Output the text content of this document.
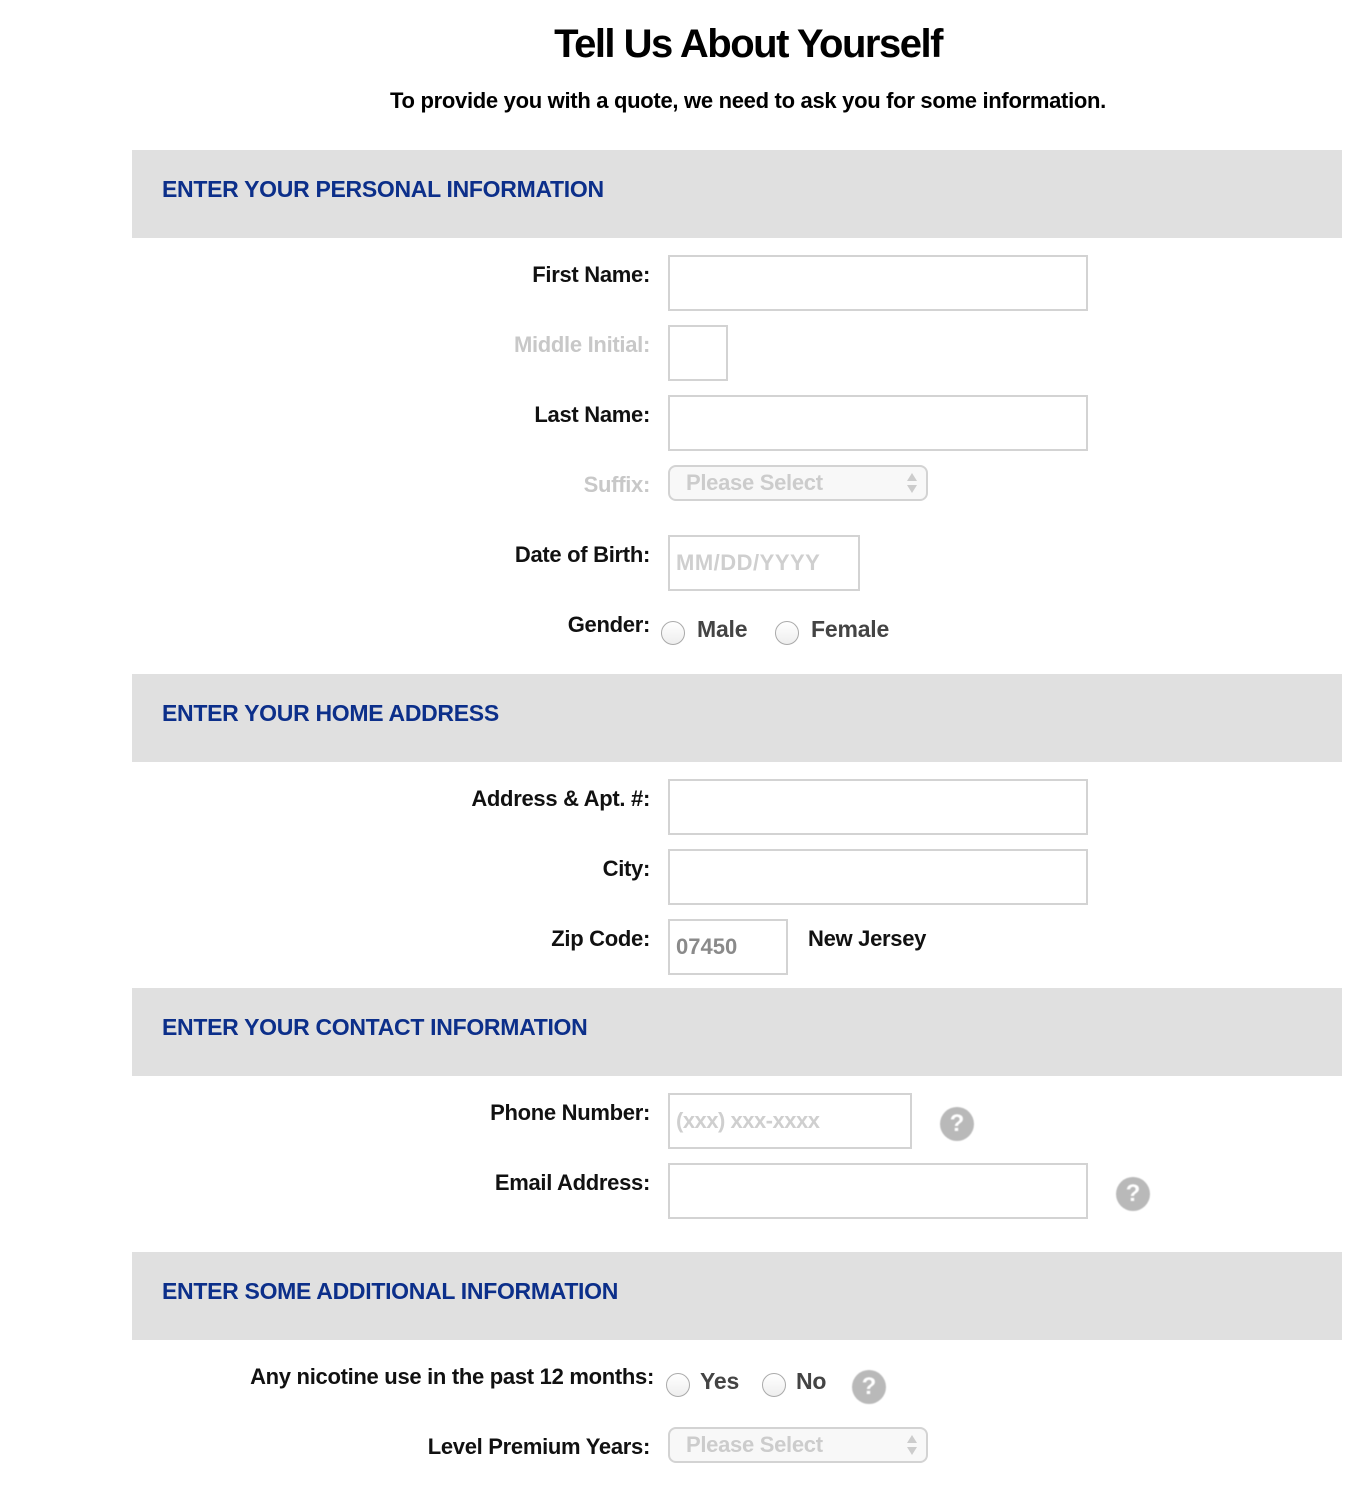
Tell Us About Yourself
To provide you with a quote, we need to ask you for some information.
ENTER YOUR PERSONAL INFORMATION
First Name:
Middle Initial:
Last Name:
Suffix: Please Select
Date of Birth:
MM/DD/YYYY
Gender: Male	Female
ENTER YOUR HOME ADDRESS
Address & Apt. #:
City:
Zip Code:
07450	New Jersey
ENTER YOUR CONTACT INFORMATION
Phone Number:
(xxx) xxx-xxxx	?
Email Address:	?
ENTER SOME ADDITIONAL INFORMATION
Any nicotine use in the past 12 months: Yes No	?
Level Premium Years: Please Select
